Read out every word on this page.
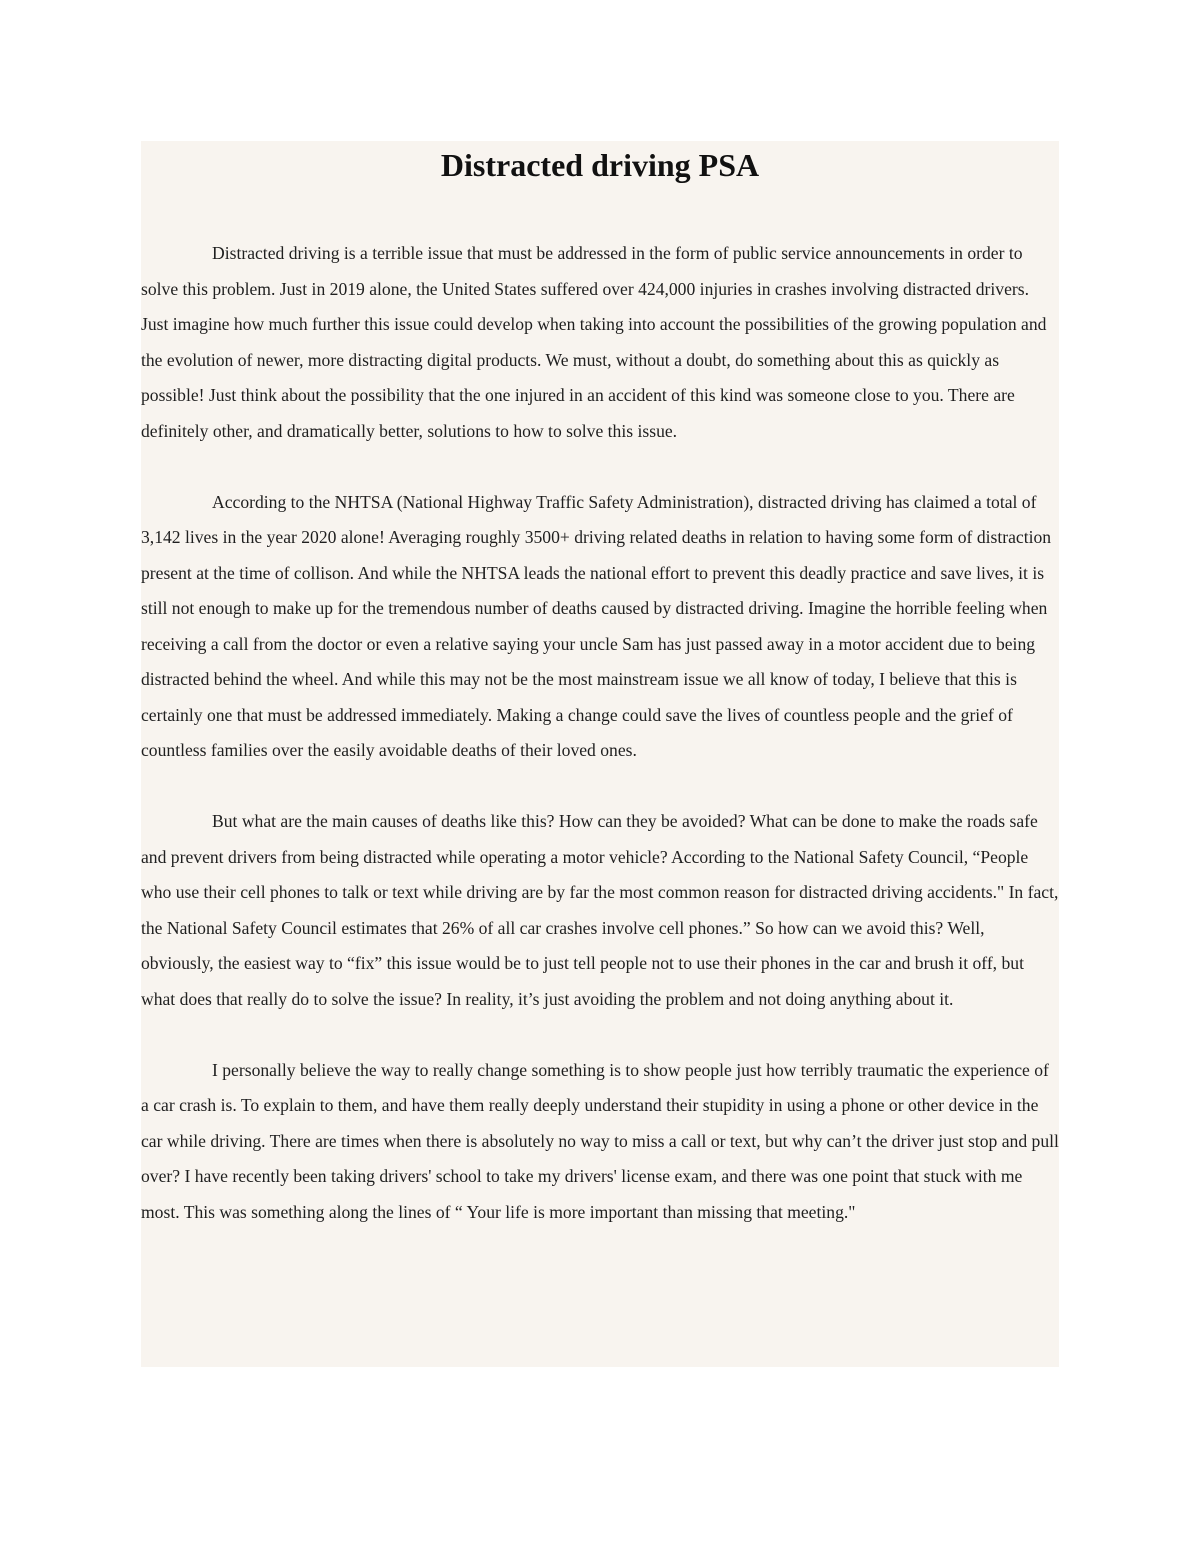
Distracted driving PSA

Distracted driving is a terrible issue that must be addressed in the form of public service announcements in order to solve this problem. Just in 2019 alone, the United States suffered over 424,000 injuries in crashes involving distracted drivers. Just imagine how much further this issue could develop when taking into account the possibilities of the growing population and the evolution of newer, more distracting digital products. We must, without a doubt, do something about this as quickly as possible! Just think about the possibility that the one injured in an accident of this kind was someone close to you. There are definitely other, and dramatically better, solutions to how to solve this issue.

According to the NHTSA (National Highway Traffic Safety Administration), distracted driving has claimed a total of 3,142 lives in the year 2020 alone! Averaging roughly 3500+ driving related deaths in relation to having some form of distraction present at the time of collison. And while the NHTSA leads the national effort to prevent this deadly practice and save lives, it is still not enough to make up for the tremendous number of deaths caused by distracted driving. Imagine the horrible feeling when receiving a call from the doctor or even a relative saying your uncle Sam has just passed away in a motor accident due to being distracted behind the wheel. And while this may not be the most mainstream issue we all know of today, I believe that this is certainly one that must be addressed immediately. Making a change could save the lives of countless people and the grief of countless families over the easily avoidable deaths of their loved ones.

But what are the main causes of deaths like this? How can they be avoided? What can be done to make the roads safe and prevent drivers from being distracted while operating a motor vehicle? According to the National Safety Council, “People who use their cell phones to talk or text while driving are by far the most common reason for distracted driving accidents." In fact, the National Safety Council estimates that 26% of all car crashes involve cell phones.” So how can we avoid this? Well, obviously, the easiest way to “fix” this issue would be to just tell people not to use their phones in the car and brush it off, but what does that really do to solve the issue? In reality, it’s just avoiding the problem and not doing anything about it.

I personally believe the way to really change something is to show people just how terribly traumatic the experience of a car crash is. To explain to them, and have them really deeply understand their stupidity in using a phone or other device in the car while driving. There are times when there is absolutely no way to miss a call or text, but why can’t the driver just stop and pull over? I have recently been taking drivers' school to take my drivers' license exam, and there was one point that stuck with me most. This was something along the lines of “ Your life is more important than missing that meeting."
